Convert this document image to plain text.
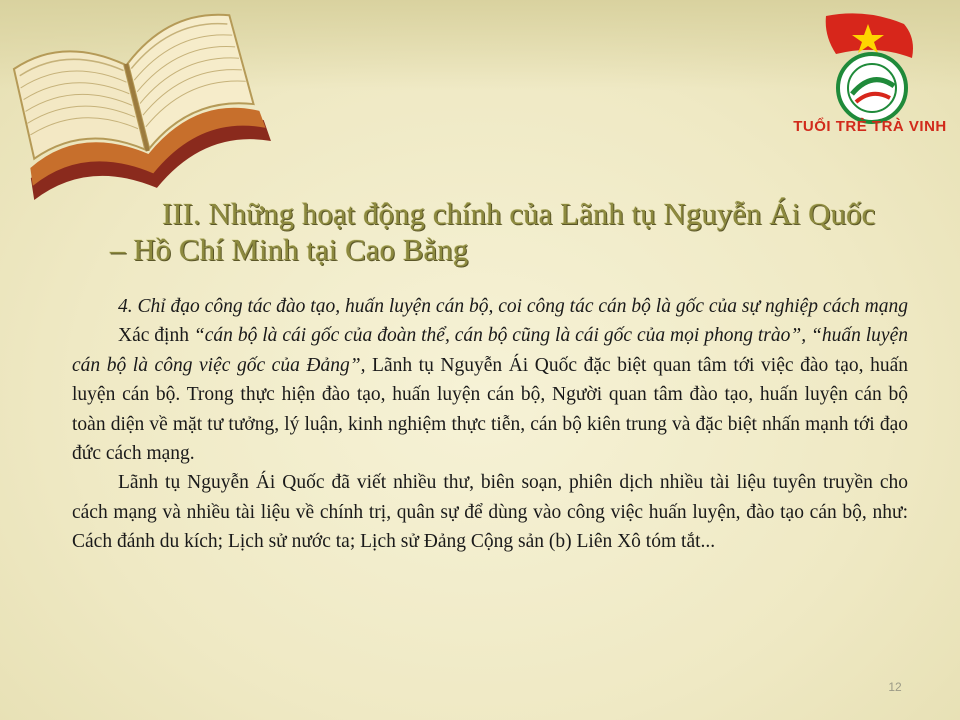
TUỔI TRẺ TRÀ VINH
III. Những hoạt động chính của Lãnh tụ Nguyễn Ái Quốc
– Hồ Chí Minh tại Cao Bằng

4. Chỉ đạo công tác đào tạo, huấn luyện cán bộ, coi công tác cán bộ là gốc của sự nghiệp cách mạng

Xác định “cán bộ là cái gốc của đoàn thể, cán bộ cũng là cái gốc của mọi phong trào”, “huấn luyện cán bộ là công việc gốc của Đảng”, Lãnh tụ Nguyễn Ái Quốc đặc biệt quan tâm tới việc đào tạo, huấn luyện cán bộ. Trong thực hiện đào tạo, huấn luyện cán bộ, Người quan tâm đào tạo, huấn luyện cán bộ toàn diện về mặt tư tưởng, lý luận, kinh nghiệm thực tiễn, cán bộ kiên trung và đặc biệt nhấn mạnh tới đạo đức cách mạng.

Lãnh tụ Nguyễn Ái Quốc đã viết nhiều thư, biên soạn, phiên dịch nhiều tài liệu tuyên truyền cho cách mạng và nhiều tài liệu về chính trị, quân sự để dùng vào công việc huấn luyện, đào tạo cán bộ, như: Cách đánh du kích; Lịch sử nước ta; Lịch sử Đảng Cộng sản (b) Liên Xô tóm tắt...

12
